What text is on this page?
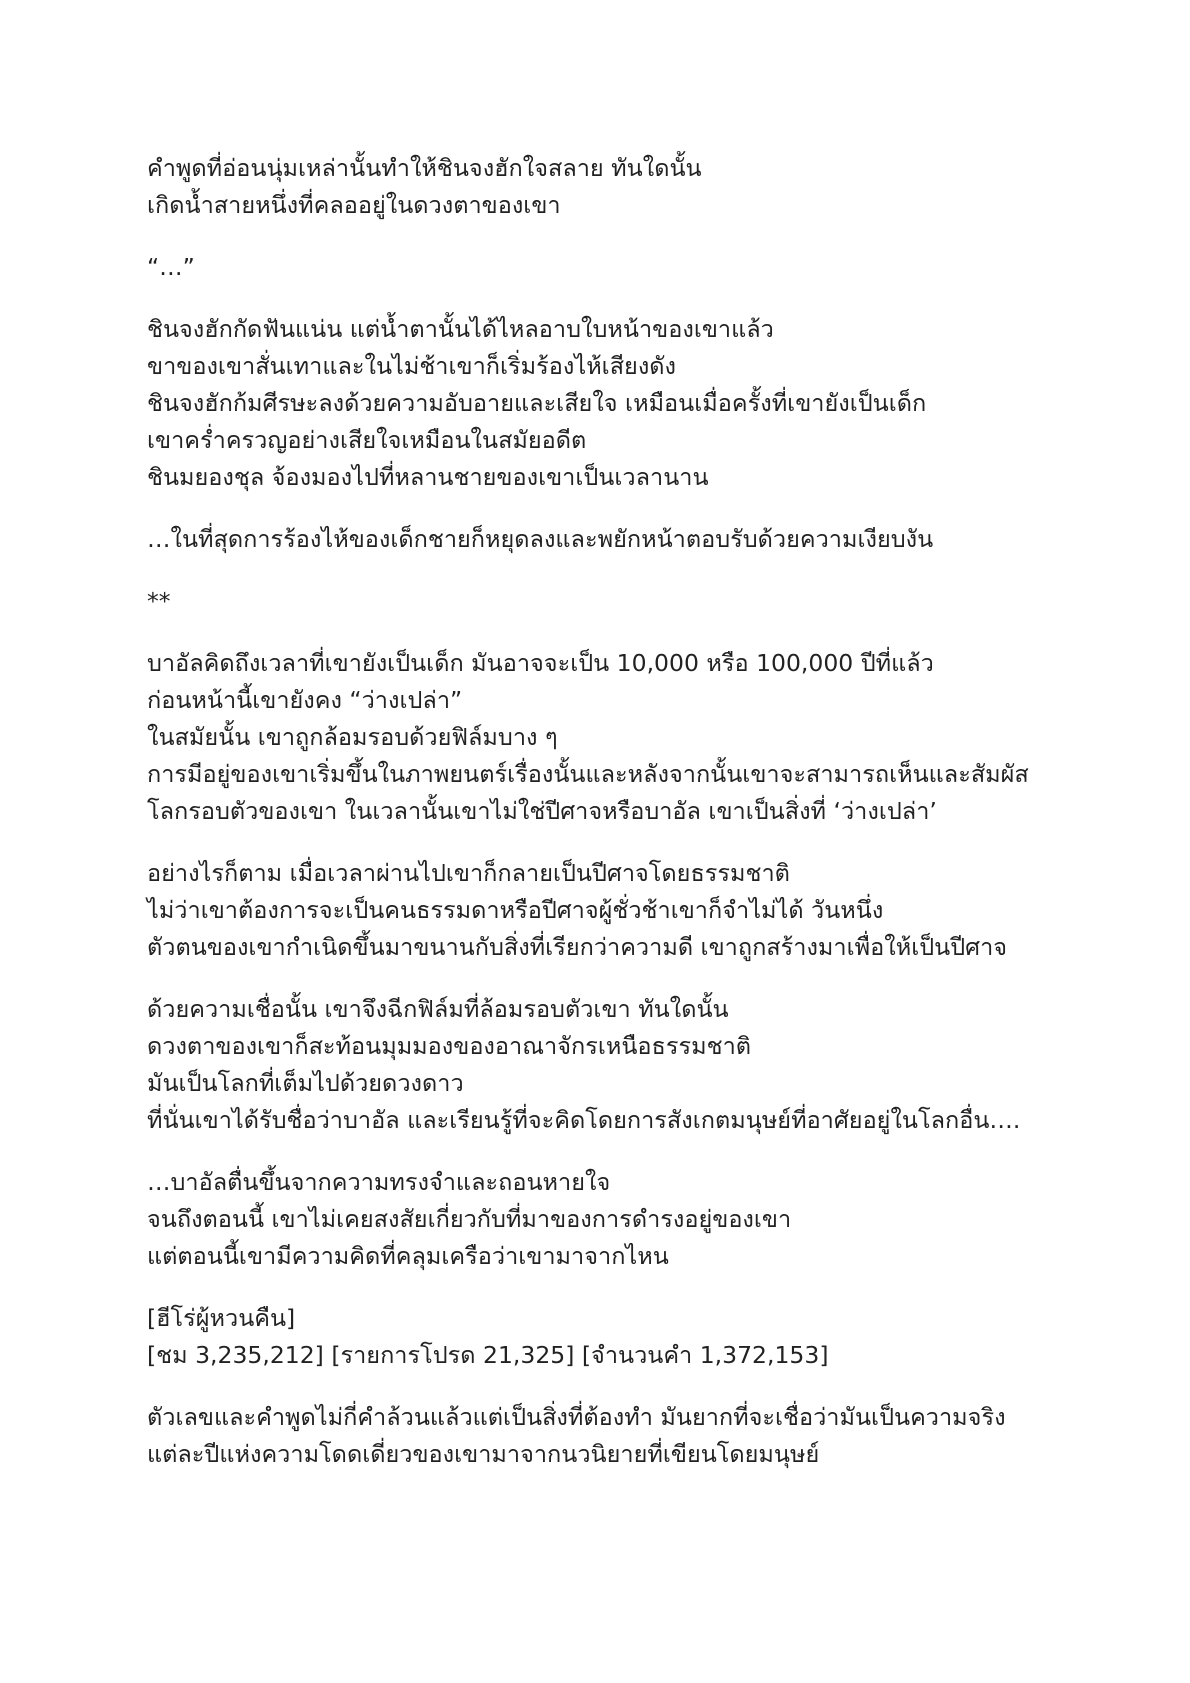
คำพูดที่อ่อนนุ่มเหล่านั้นทำให้ชินจงฮักใจสลาย ทันใดนั้น
เกิดน้ำสายหนึ่งที่คลออยู่ในดวงตาของเขา
“…”
ชินจงฮักกัดฟันแน่น แต่น้ำตานั้นได้ไหลอาบใบหน้าของเขาแล้ว
ขาของเขาสั่นเทาและในไม่ช้าเขาก็เริ่มร้องไห้เสียงดัง
ชินจงฮักก้มศีรษะลงด้วยความอับอายและเสียใจ เหมือนเมื่อครั้งที่เขายังเป็นเด็ก
เขาคร่ำครวญอย่างเสียใจเหมือนในสมัยอดีต
ชินมยองชุล จ้องมองไปที่หลานชายของเขาเป็นเวลานาน
…ในที่สุดการร้องไห้ของเด็กชายก็หยุดลงและพยักหน้าตอบรับด้วยความเงียบงัน
**
บาอัลคิดถึงเวลาที่เขายังเป็นเด็ก มันอาจจะเป็น 10,000 หรือ 100,000 ปีที่แล้ว
ก่อนหน้านี้เขายังคง “ว่างเปล่า”
ในสมัยนั้น เขาถูกล้อมรอบด้วยฟิล์มบาง ๆ
การมีอยู่ของเขาเริ่มขึ้นในภาพยนตร์เรื่องนั้นและหลังจากนั้นเขาจะสามารถเห็นและสัมผัส
โลกรอบตัวของเขา ในเวลานั้นเขาไม่ใช่ปีศาจหรือบาอัล เขาเป็นสิ่งที่ ‘ว่างเปล่า’
อย่างไรก็ตาม เมื่อเวลาผ่านไปเขาก็กลายเป็นปีศาจโดยธรรมชาติ
ไม่ว่าเขาต้องการจะเป็นคนธรรมดาหรือปีศาจผู้ชั่วช้าเขาก็จำไม่ได้ วันหนึ่ง
ตัวตนของเขากำเนิดขึ้นมาขนานกับสิ่งที่เรียกว่าความดี เขาถูกสร้างมาเพื่อให้เป็นปีศาจ
ด้วยความเชื่อนั้น เขาจึงฉีกฟิล์มที่ล้อมรอบตัวเขา ทันใดนั้น
ดวงตาของเขาก็สะท้อนมุมมองของอาณาจักรเหนือธรรมชาติ
มันเป็นโลกที่เต็มไปด้วยดวงดาว
ที่นั่นเขาได้รับชื่อว่าบาอัล และเรียนรู้ที่จะคิดโดยการสังเกตมนุษย์ที่อาศัยอยู่ในโลกอื่น….
…บาอัลตื่นขึ้นจากความทรงจำและถอนหายใจ
จนถึงตอนนี้ เขาไม่เคยสงสัยเกี่ยวกับที่มาของการดำรงอยู่ของเขา
แต่ตอนนี้เขามีความคิดที่คลุมเครือว่าเขามาจากไหน
[ฮีโร่ผู้หวนคืน]
[ชม 3,235,212] [รายการโปรด 21,325] [จำนวนคำ 1,372,153]
ตัวเลขและคำพูดไม่กี่คำล้วนแล้วแต่เป็นสิ่งที่ต้องทำ มันยากที่จะเชื่อว่ามันเป็นความจริง
แต่ละปีแห่งความโดดเดี่ยวของเขามาจากนวนิยายที่เขียนโดยมนุษย์
